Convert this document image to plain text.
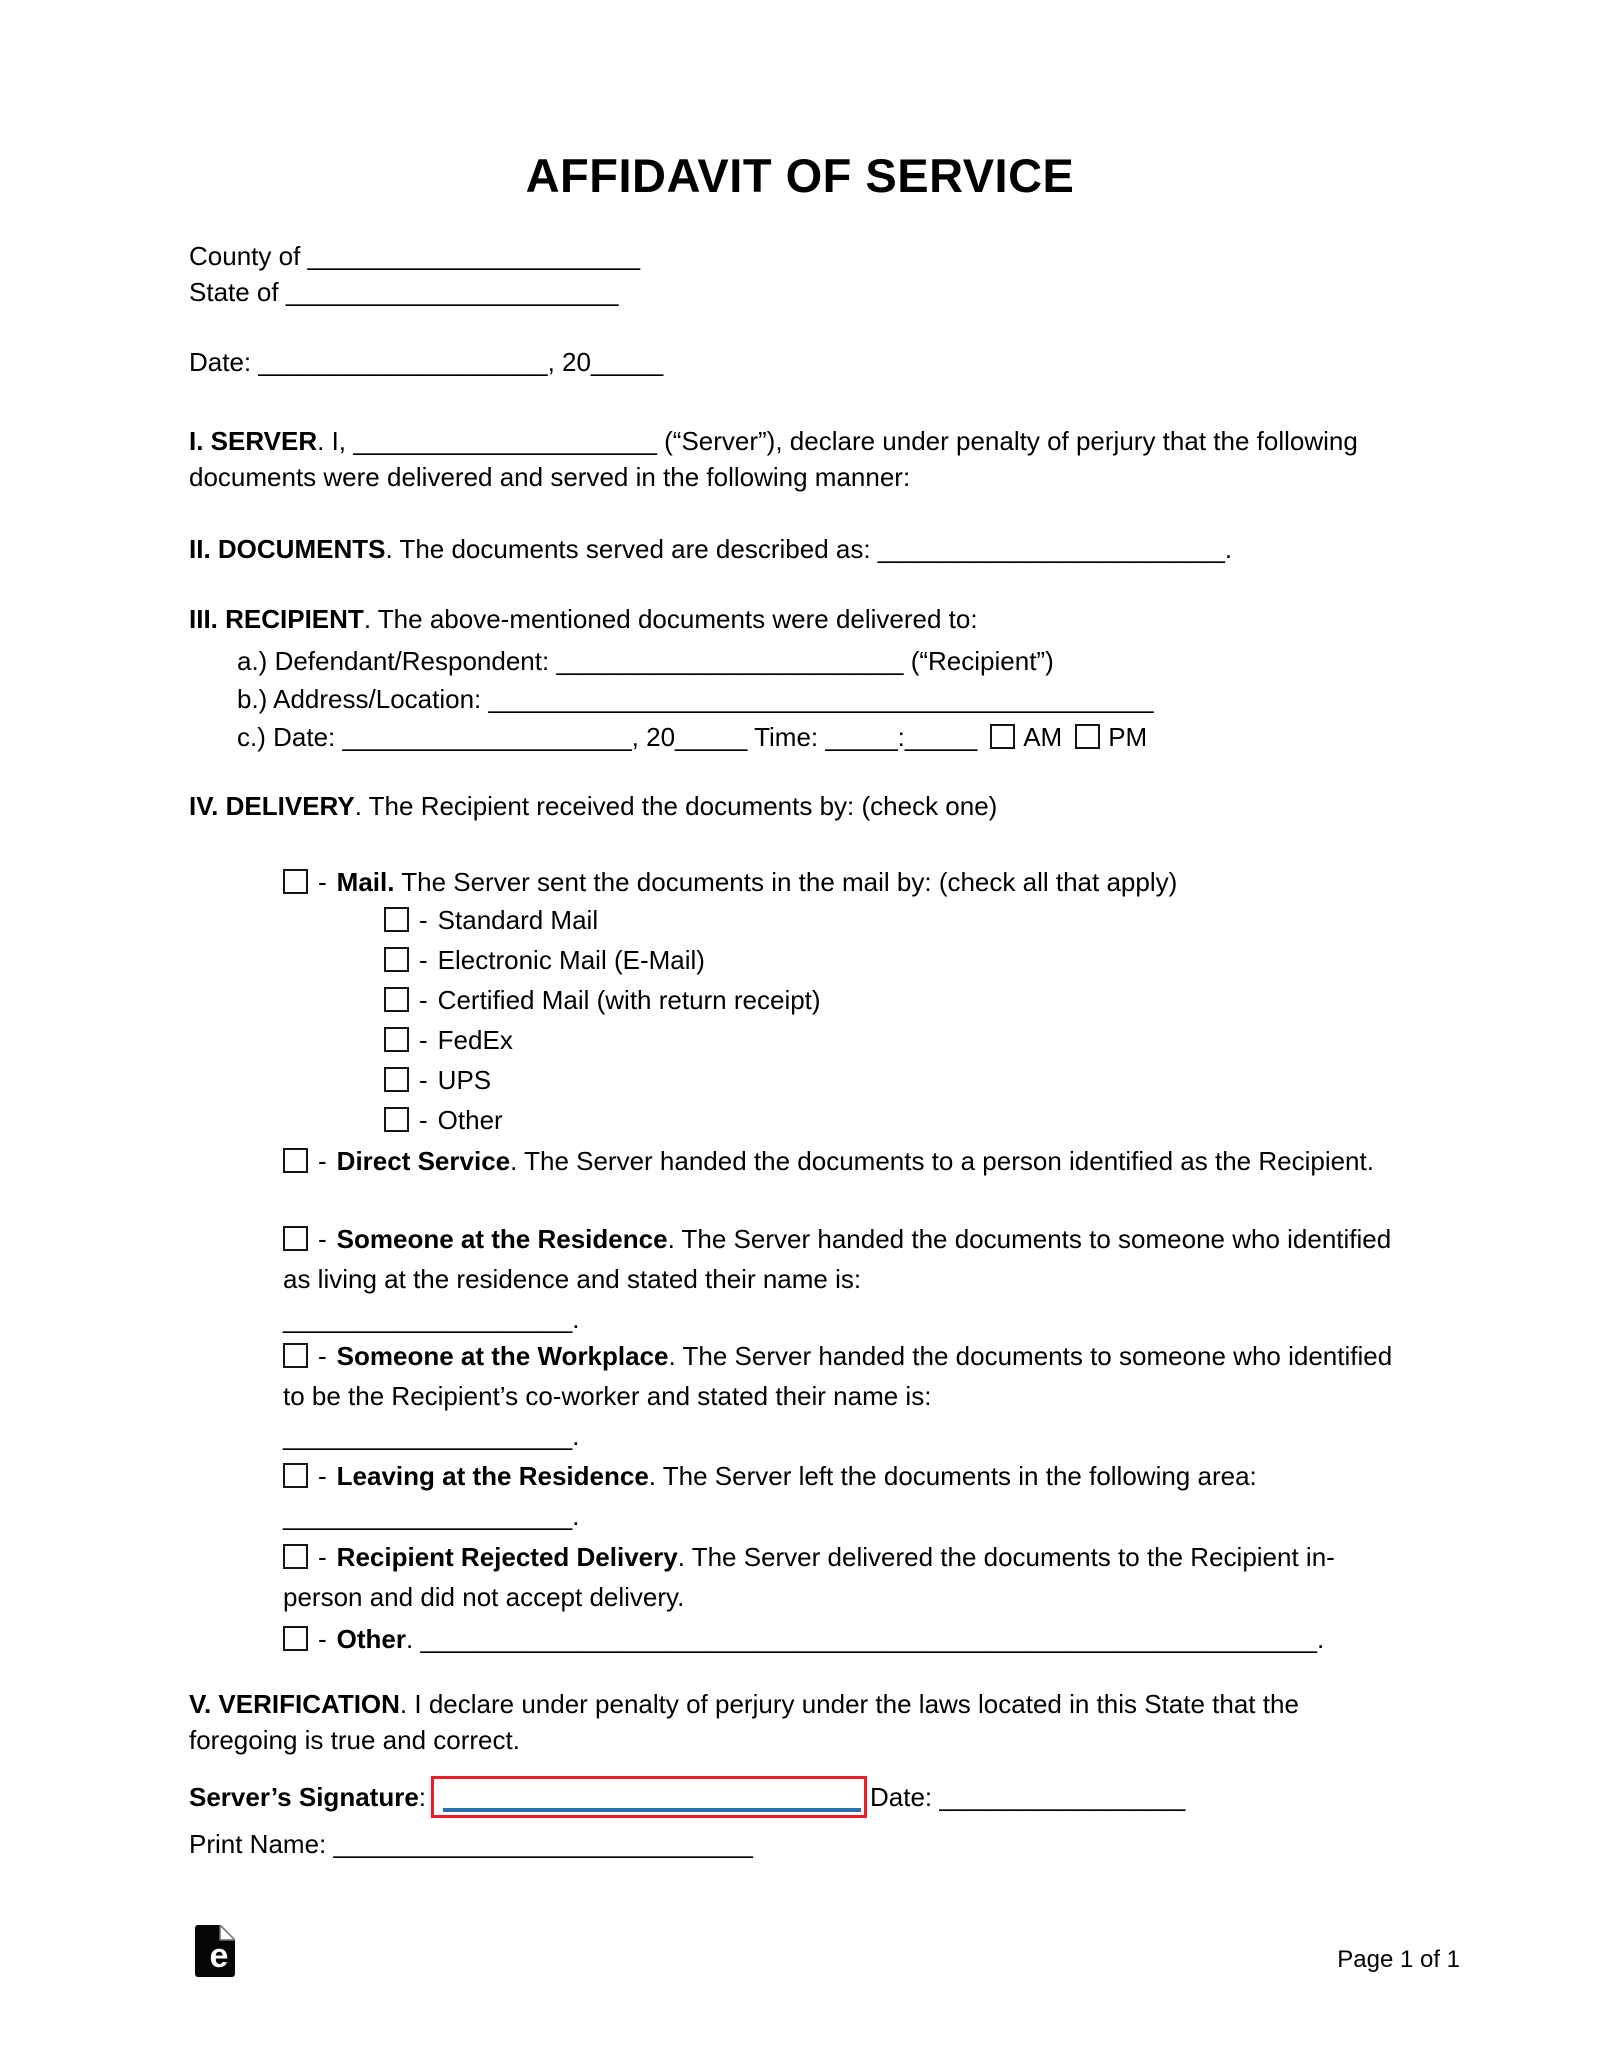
AFFIDAVIT OF SERVICE
County of _______________________
State of _______________________
Date: ____________________, 20_____
I. SERVER. I, _____________________ (“Server”), declare under penalty of perjury that the following documents were delivered and served in the following manner:
II. DOCUMENTS. The documents served are described as: ________________________.
III. RECIPIENT. The above-mentioned documents were delivered to:
a.) Defendant/Respondent: ________________________ (“Recipient”)
b.) Address/Location: ______________________________________________
c.) Date: ____________________, 20_____ Time: _____:_____ AM PM
IV. DELIVERY. The Recipient received the documents by: (check one)
- Mail. The Server sent the documents in the mail by: (check all that apply)
- Standard Mail
- Electronic Mail (E-Mail)
- Certified Mail (with return receipt)
- FedEx
- UPS
- Other
- Direct Service. The Server handed the documents to a person identified as the Recipient.
- Someone at the Residence. The Server handed the documents to someone who identified as living at the residence and stated their name is:
____________________.
- Someone at the Workplace. The Server handed the documents to someone who identified to be the Recipient’s co-worker and stated their name is:
____________________.
- Leaving at the Residence. The Server left the documents in the following area: ____________________.
- Recipient Rejected Delivery. The Server delivered the documents to the Recipient in-person and did not accept delivery.
- Other. ______________________________________________________________.
V. VERIFICATION. I declare under penalty of perjury under the laws located in this State that the foregoing is true and correct.
Server’s Signature :	Date: _________________
Print Name: _____________________________
e	Page 1 of 1
